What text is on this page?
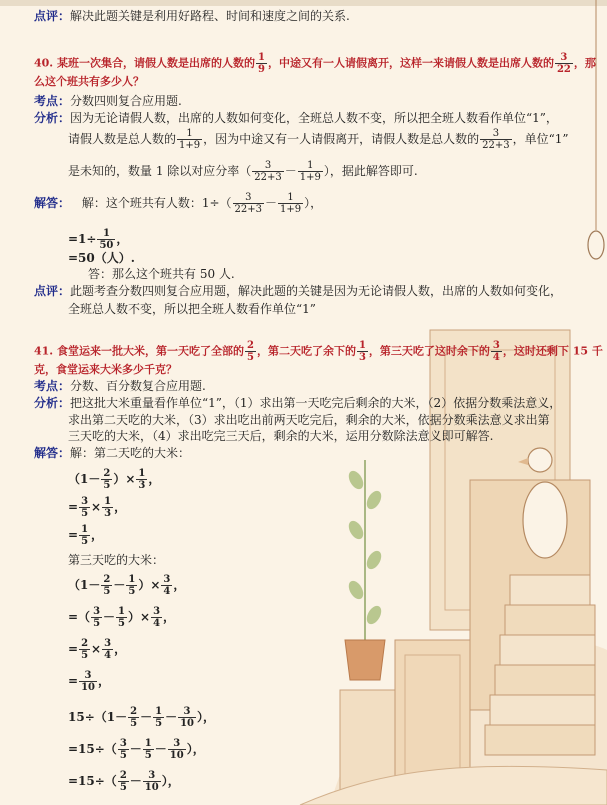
点评：解决此题关键是利用好路程、时间和速度之间的关系.
40. 某班一次集合，请假人数是出席的人数的 $\frac{1}{9}$ ，中途又有一人请假离开，这样一来请假人数是出席人数的 $\frac{3}{22}$ ，那
么这个班共有多少人？
考点：分数四则复合应用题.
分析：因为无论请假人数，出席的人数如何变化，全班总人数不变，所以把全班人数看作单位“1”，
请假人数是总人数的 $\frac{1}{1+9}$ ，因为中途又有一人请假离开，请假人数是总人数的 $\frac{3}{22+3}$ ，单位“1”
是未知的，数量 1 除以对应分率（ $\frac{3}{22+3} - \frac{1}{1+9}$ ），据此解答即可.
解答： 解：这个班共有人数：$1\div( \frac{3}{22+3} - \frac{1}{1+9}$ ），
$=1\div \frac{1}{50}$ ，
=50（人）.
答：那么这个班共有 50 人.
点评：此题考查分数四则复合应用题，解决此题的关键是因为无论请假人数，出席的人数如何变化，
全班总人数不变，所以把全班人数看作单位“1”
41. 食堂运来一批大米，第一天吃了全部的 $\frac{2}{5}$ ，第二天吃了余下的 $\frac{1}{3}$ ，第三天吃了这时余下的 $\frac{3}{4}$ ，这时还剩下 15 千
克，食堂运来大米多少千克？
考点：分数、百分数复合应用题.
分析：把这批大米重量看作单位“1”，（1）求出第一天吃完后剩余的大米，（2）依据分数乘法意义，
求出第二天吃的大米，（3）求出吃出前两天吃完后，剩余的大米，依据分数乘法意义求出第
三天吃的大米，（4）求出吃完三天后，剩余的大米，运用分数除法意义即可解答.
解答：解：第二天吃的大米：
（$1- \frac{2}{5}$ ）× $\frac{1}{3}$ ，
= $\frac{3}{5} \times \frac{1}{3}$ ，
= $\frac{1}{5}$ ，
第三天吃的大米：
（$1- \frac{2}{5} - \frac{1}{5}$ ）× $\frac{3}{4}$ ，
=（ $\frac{3}{5} - \frac{1}{5}$ ）× $\frac{3}{4}$ ，
= $\frac{2}{5} \times \frac{3}{4}$ ，
= $\frac{3}{10}$ ，
$15\div(1- \frac{2}{5} - \frac{1}{5} - \frac{3}{10}$ ），
$=15\div( \frac{3}{5} - \frac{1}{5} - \frac{3}{10}$ ），
$=15\div( \frac{2}{5} - \frac{3}{10}$ ），
